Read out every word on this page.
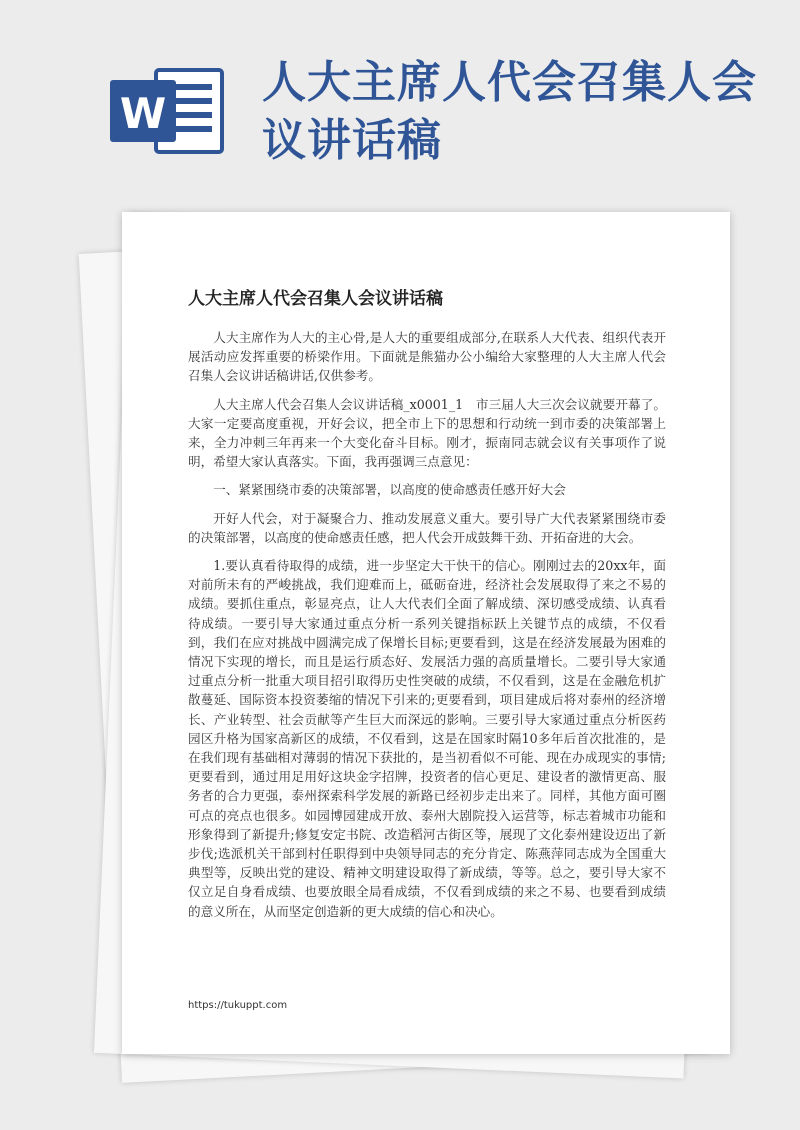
W
人大主席人代会召集人会议讲话稿
人大主席人代会召集人会议讲话稿

人大主席作为人大的主心骨,是人大的重要组成部分,在联系人大代表、组织代表开展活动应发挥重要的桥梁作用。下面就是熊猫办公小编给大家整理的人大主席人代会召集人会议讲话稿讲话,仅供参考。

人大主席人代会召集人会议讲话稿_x0001_1　市三届人大三次会议就要开幕了。大家一定要高度重视，开好会议，把全市上下的思想和行动统一到市委的决策部署上来，全力冲刺三年再来一个大变化奋斗目标。刚才，振南同志就会议有关事项作了说明，希望大家认真落实。下面，我再强调三点意见：

一、紧紧围绕市委的决策部署，以高度的使命感责任感开好大会

开好人代会，对于凝聚合力、推动发展意义重大。要引导广大代表紧紧围绕市委的决策部署，以高度的使命感责任感，把人代会开成鼓舞干劲、开拓奋进的大会。

1.要认真看待取得的成绩，进一步坚定大干快干的信心。刚刚过去的20xx年，面对前所未有的严峻挑战，我们迎难而上，砥砺奋进，经济社会发展取得了来之不易的成绩。要抓住重点，彰显亮点，让人大代表们全面了解成绩、深切感受成绩、认真看待成绩。一要引导大家通过重点分析一系列关键指标跃上关键节点的成绩，不仅看到，我们在应对挑战中圆满完成了保增长目标;更要看到，这是在经济发展最为困难的情况下实现的增长，而且是运行质态好、发展活力强的高质量增长。二要引导大家通过重点分析一批重大项目招引取得历史性突破的成绩，不仅看到，这是在金融危机扩散蔓延、国际资本投资萎缩的情况下引来的;更要看到，项目建成后将对泰州的经济增长、产业转型、社会贡献等产生巨大而深远的影响。三要引导大家通过重点分析医药园区升格为国家高新区的成绩，不仅看到，这是在国家时隔10多年后首次批准的，是在我们现有基础相对薄弱的情况下获批的，是当初看似不可能、现在办成现实的事情;更要看到，通过用足用好这块金字招牌，投资者的信心更足、建设者的激情更高、服务者的合力更强，泰州探索科学发展的新路已经初步走出来了。同样，其他方面可圈可点的亮点也很多。如园博园建成开放、泰州大剧院投入运营等，标志着城市功能和形象得到了新提升;修复安定书院、改造稻河古街区等，展现了文化泰州建设迈出了新步伐;选派机关干部到村任职得到中央领导同志的充分肯定、陈燕萍同志成为全国重大典型等，反映出党的建设、精神文明建设取得了新成绩，等等。总之，要引导大家不仅立足自身看成绩、也要放眼全局看成绩，不仅看到成绩的来之不易、也要看到成绩的意义所在，从而坚定创造新的更大成绩的信心和决心。

https://tukuppt.com
